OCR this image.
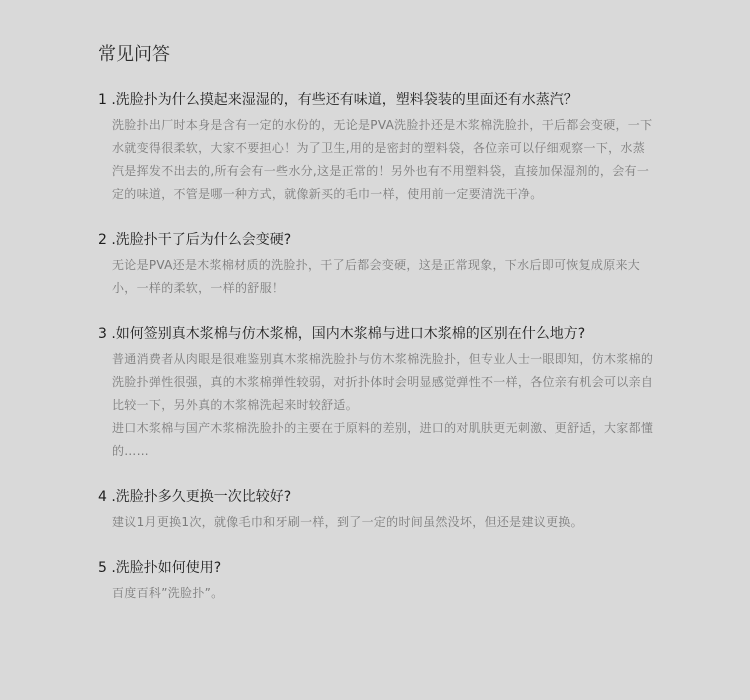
常见问答
1 .洗脸扑为什么摸起来湿湿的，有些还有味道，塑料袋装的里面还有水蒸汽？

洗脸扑出厂时本身是含有一定的水份的，无论是PVA洗脸扑还是木浆棉洗脸扑，干后都会变硬，一下水就变得很柔软，大家不要担心！为了卫生,用的是密封的塑料袋，各位亲可以仔细观察一下，水蒸汽是挥发不出去的,所有会有一些水分,这是正常的！另外也有不用塑料袋，直接加保湿剂的，会有一定的味道，不管是哪一种方式，就像新买的毛巾一样，使用前一定要清洗干净。

2 .洗脸扑干了后为什么会变硬?

无论是PVA还是木浆棉材质的洗脸扑，干了后都会变硬，这是正常现象，下水后即可恢复成原来大小，一样的柔软，一样的舒服！

3 .如何签别真木浆棉与仿木浆棉，国内木浆棉与进口木浆棉的区别在什么地方?

普通消费者从肉眼是很难鉴别真木浆棉洗脸扑与仿木浆棉洗脸扑，但专业人士一眼即知，仿木浆棉的洗脸扑弹性很强，真的木浆棉弹性较弱，对折扑体时会明显感觉弹性不一样，各位亲有机会可以亲自比较一下，另外真的木浆棉洗起来时较舒适。

进口木浆棉与国产木浆棉洗脸扑的主要在于原料的差别，进口的对肌肤更无刺激、更舒适，大家都懂的……

4 .洗脸扑多久更换一次比较好?

建议1月更换1次，就像毛巾和牙刷一样，到了一定的时间虽然没坏，但还是建议更换。

5 .洗脸扑如何使用?

百度百科”洗脸扑”。
